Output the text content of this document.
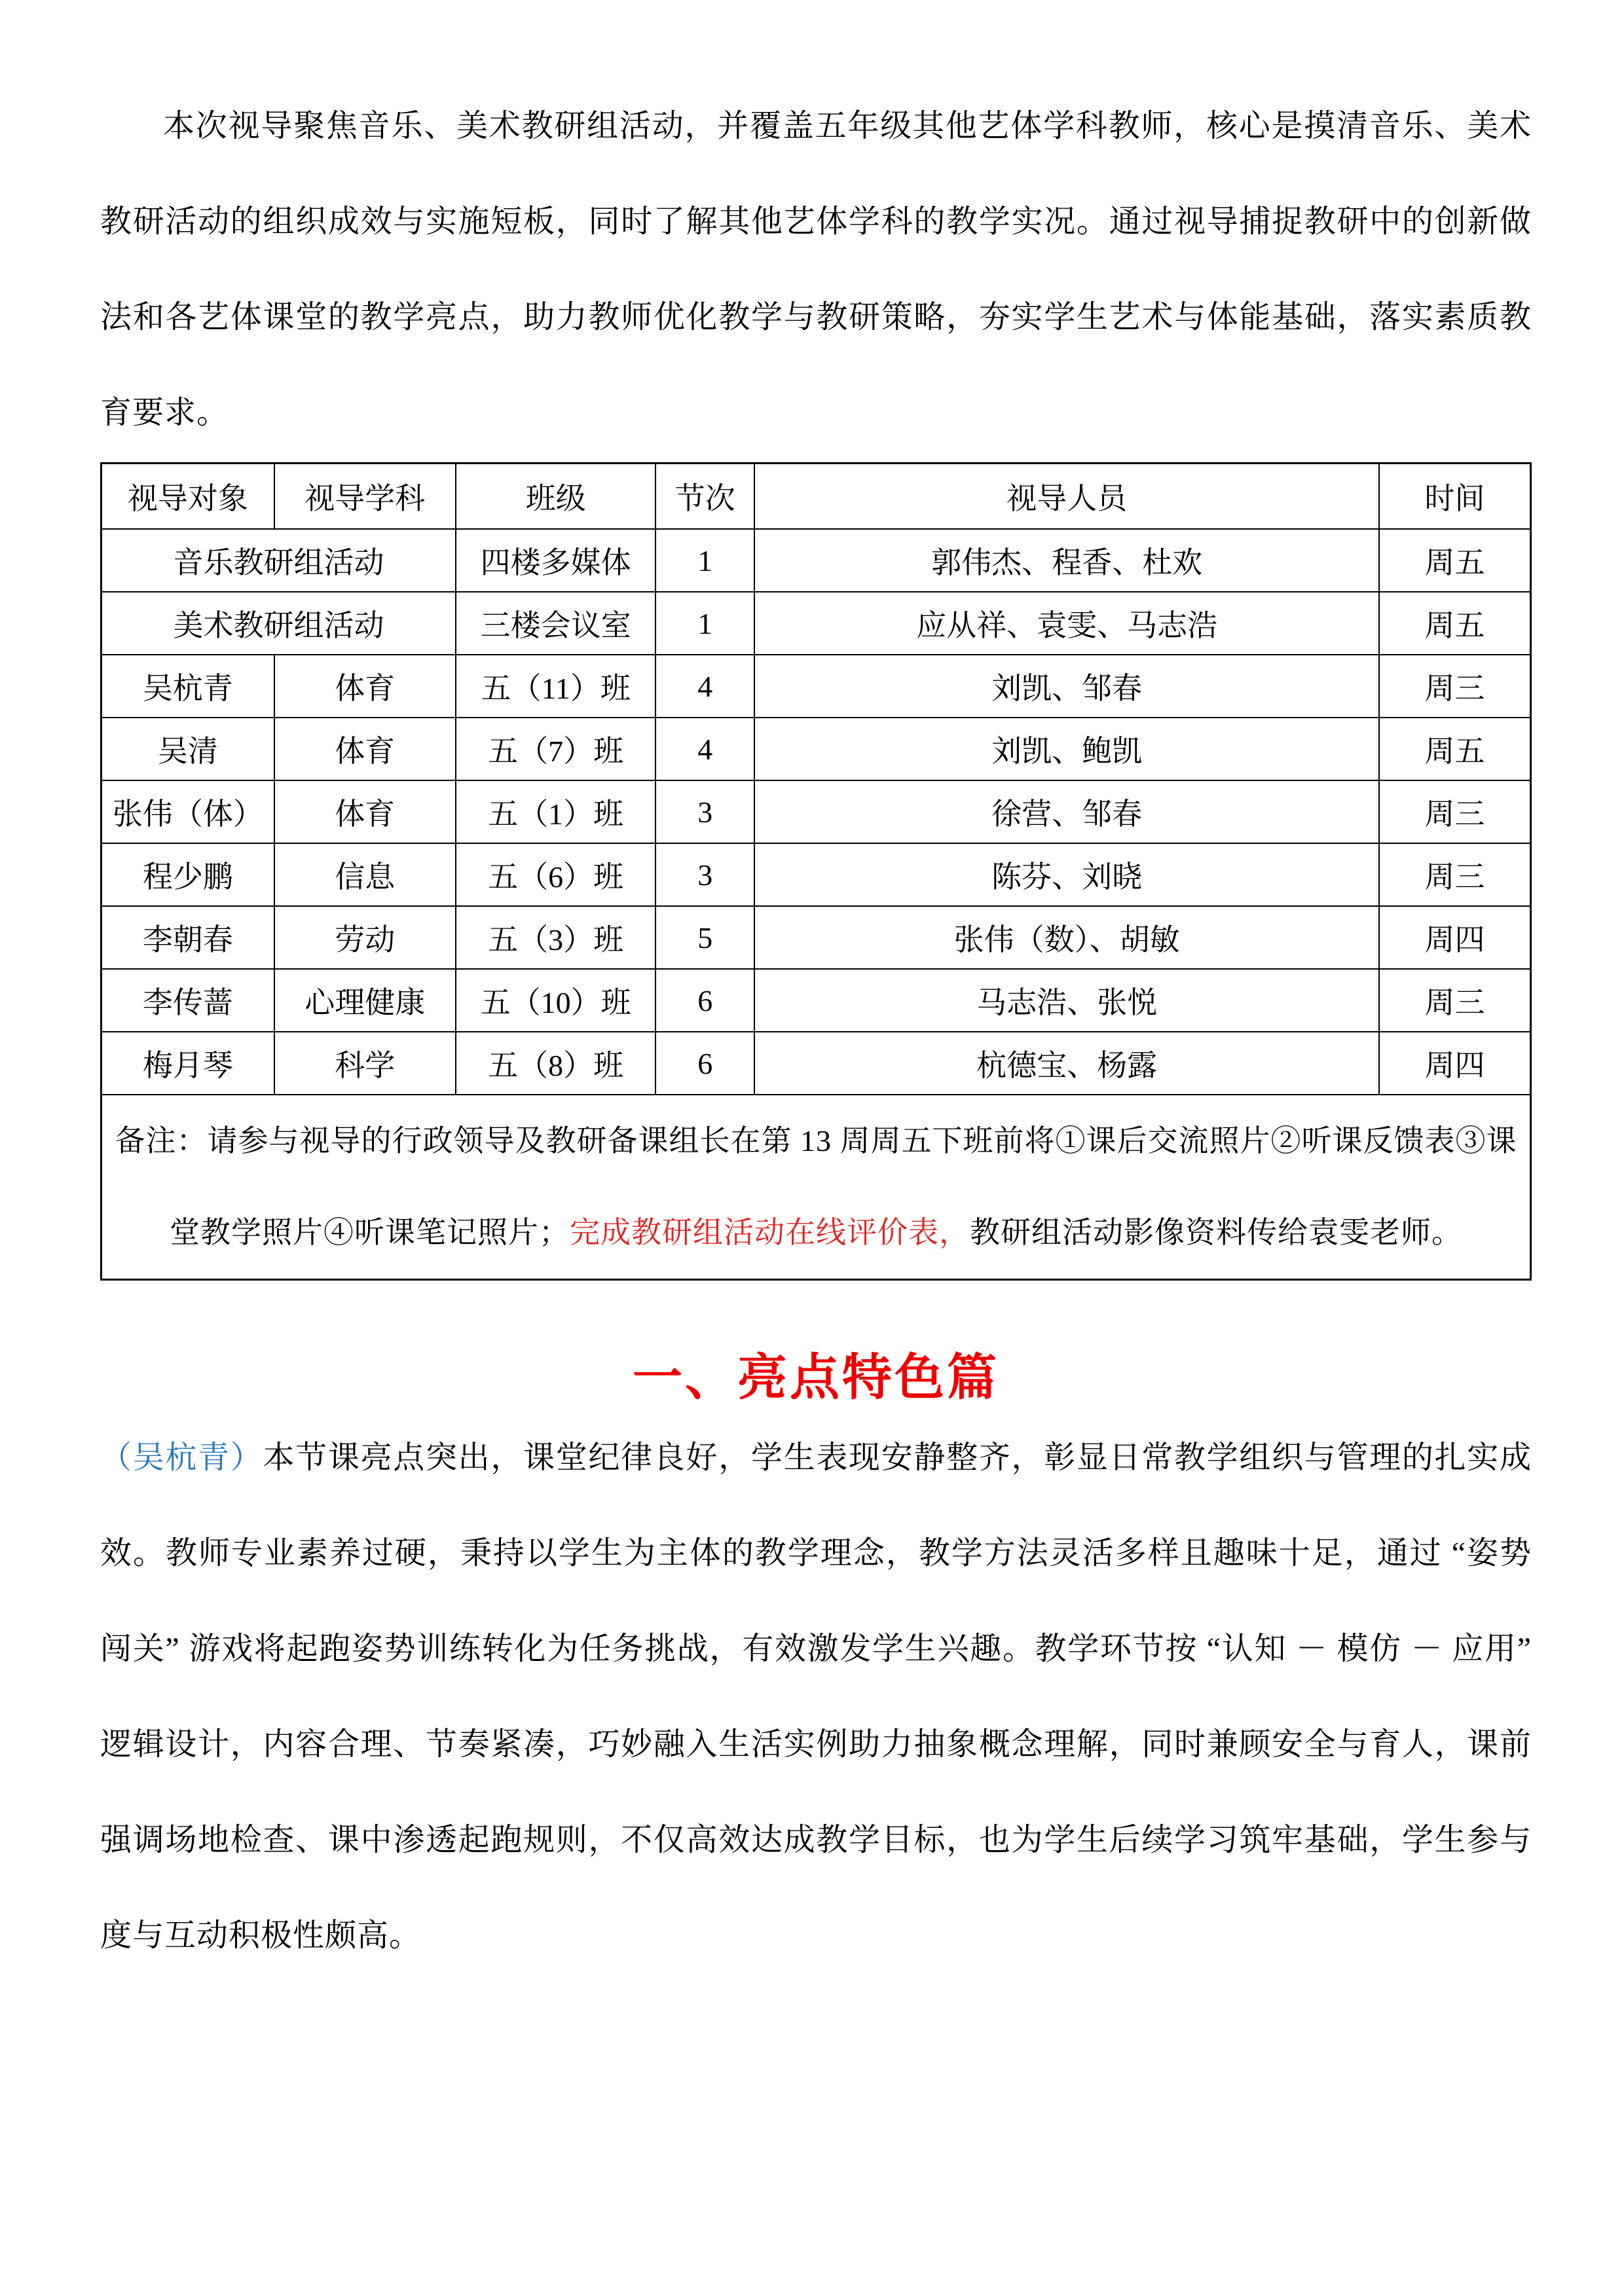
本次视导聚焦音乐、美术教研组活动，并覆盖五年级其他艺体学科教师，核心是摸清音乐、美术教研活动的组织成效与实施短板，同时了解其他艺体学科的教学实况。通过视导捕捉教研中的创新做法和各艺体课堂的教学亮点，助力教师优化教学与教研策略，夯实学生艺术与体能基础，落实素质教育要求。

视导对象	视导学科	班级	节次	视导人员	时间
音乐教研组活动		四楼多媒体	1	郭伟杰、程香、杜欢	周五
美术教研组活动		三楼会议室	1	应从祥、袁雯、马志浩	周五
吴杭青	体育	五（11）班	4	刘凯、邹春	周三
吴清	体育	五（7）班	4	刘凯、鲍凯	周五
张伟（体）	体育	五（1）班	3	徐营、邹春	周三
程少鹏	信息	五（6）班	3	陈芬、刘晓	周三
李朝春	劳动	五（3）班	5	张伟（数）、胡敏	周四
李传蔷	心理健康	五（10）班	6	马志浩、张悦	周三
梅月琴	科学	五（8）班	6	杭德宝、杨露	周四
备注：请参与视导的行政领导及教研备课组长在第 13 周周五下班前将①课后交流照片②听课反馈表③课堂教学照片④听课笔记照片；完成教研组活动在线评价表，教研组活动影像资料传给袁雯老师。					
一、亮点特色篇

（吴杭青）本节课亮点突出，课堂纪律良好，学生表现安静整齐，彰显日常教学组织与管理的扎实成效。教师专业素养过硬，秉持以学生为主体的教学理念，教学方法灵活多样且趣味十足，通过 “姿势闯关” 游戏将起跑姿势训练转化为任务挑战，有效激发学生兴趣。教学环节按 “认知 － 模仿 － 应用” 逻辑设计，内容合理、节奏紧凑，巧妙融入生活实例助力抽象概念理解，同时兼顾安全与育人，课前强调场地检查、课中渗透起跑规则，不仅高效达成教学目标，也为学生后续学习筑牢基础，学生参与度与互动积极性颇高。
